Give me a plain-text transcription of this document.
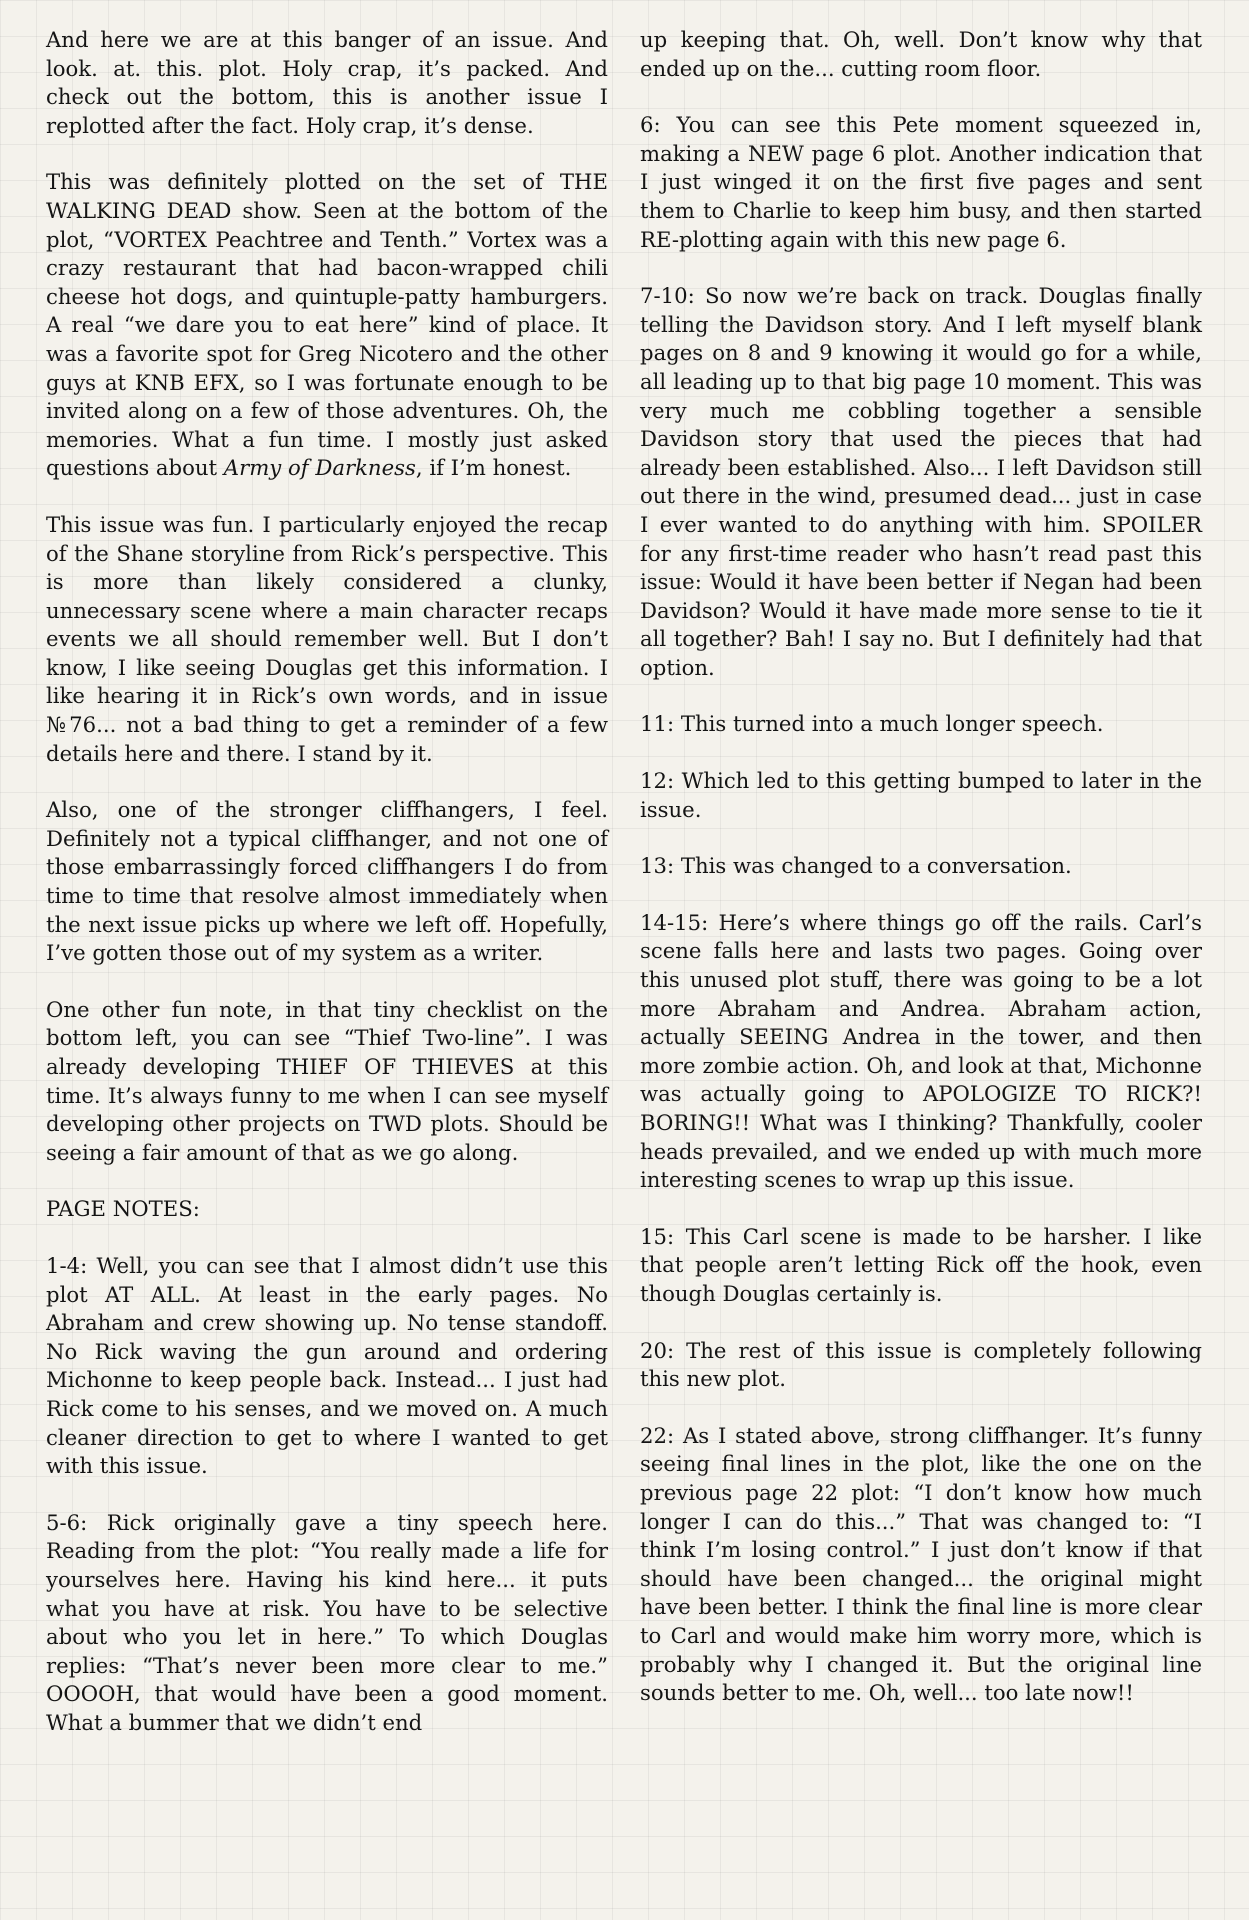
And here we are at this banger of an issue. And look. at. this. plot. Holy crap, it’s packed. And check out the bottom, this is another issue I replotted after the fact. Holy crap, it’s dense.

This was definitely plotted on the set of THE WALKING DEAD show. Seen at the bottom of the plot, “VORTEX Peachtree and Tenth.” Vortex was a crazy restaurant that had bacon-wrapped chili cheese hot dogs, and quintuple-patty hamburgers. A real “we dare you to eat here” kind of place. It was a favorite spot for Greg Nicotero and the other guys at KNB EFX, so I was fortunate enough to be invited along on a few of those adventures. Oh, the memories. What a fun time. I mostly just asked questions about Army of Darkness, if I’m honest.

This issue was fun. I particularly enjoyed the recap of the Shane storyline from Rick’s perspective. This is more than likely considered a clunky, unnecessary scene where a main character recaps events we all should remember well. But I don’t know, I like seeing Douglas get this information. I like hearing it in Rick’s own words, and in issue №76... not a bad thing to get a reminder of a few details here and there. I stand by it.

Also, one of the stronger cliffhangers, I feel. Definitely not a typical cliffhanger, and not one of those embarrassingly forced cliffhangers I do from time to time that resolve almost immediately when the next issue picks up where we left off. Hopefully, I’ve gotten those out of my system as a writer.

One other fun note, in that tiny checklist on the bottom left, you can see “Thief Two-line”. I was already developing THIEF OF THIEVES at this time. It’s always funny to me when I can see myself developing other projects on TWD plots. Should be seeing a fair amount of that as we go along.

PAGE NOTES:

1-4: Well, you can see that I almost didn’t use this plot AT ALL. At least in the early pages. No Abraham and crew showing up. No tense standoff. No Rick waving the gun around and ordering Michonne to keep people back. Instead... I just had Rick come to his senses, and we moved on. A much cleaner direction to get to where I wanted to get with this issue.

5-6: Rick originally gave a tiny speech here. Reading from the plot: “You really made a life for yourselves here. Having his kind here... it puts what you have at risk. You have to be selective about who you let in here.” To which Douglas replies: “That’s never been more clear to me.” OOOOH, that would have been a good moment. What a bummer that we didn’t end

up keeping that. Oh, well. Don’t know why that ended up on the... cutting room floor.

6: You can see this Pete moment squeezed in, making a NEW page 6 plot. Another indication that I just winged it on the first five pages and sent them to Charlie to keep him busy, and then started RE-plotting again with this new page 6.

7-10: So now we’re back on track. Douglas finally telling the Davidson story. And I left myself blank pages on 8 and 9 knowing it would go for a while, all leading up to that big page 10 moment. This was very much me cobbling together a sensible Davidson story that used the pieces that had already been established. Also... I left Davidson still out there in the wind, presumed dead... just in case I ever wanted to do anything with him. SPOILER for any first-time reader who hasn’t read past this issue: Would it have been better if Negan had been Davidson? Would it have made more sense to tie it all together? Bah! I say no. But I definitely had that option.

11: This turned into a much longer speech.

12: Which led to this getting bumped to later in the issue.

13: This was changed to a conversation.

14-15: Here’s where things go off the rails. Carl’s scene falls here and lasts two pages. Going over this unused plot stuff, there was going to be a lot more Abraham and Andrea. Abraham action, actually SEEING Andrea in the tower, and then more zombie action. Oh, and look at that, Michonne was actually going to APOLOGIZE TO RICK?! BORING!! What was I thinking? Thankfully, cooler heads prevailed, and we ended up with much more interesting scenes to wrap up this issue.

15: This Carl scene is made to be harsher. I like that people aren’t letting Rick off the hook, even though Douglas certainly is.

20: The rest of this issue is completely following this new plot.

22: As I stated above, strong cliffhanger. It’s funny seeing final lines in the plot, like the one on the previous page 22 plot: “I don’t know how much longer I can do this...” That was changed to: “I think I’m losing control.” I just don’t know if that should have been changed... the original might have been better. I think the final line is more clear to Carl and would make him worry more, which is probably why I changed it. But the original line sounds better to me. Oh, well... too late now!!
